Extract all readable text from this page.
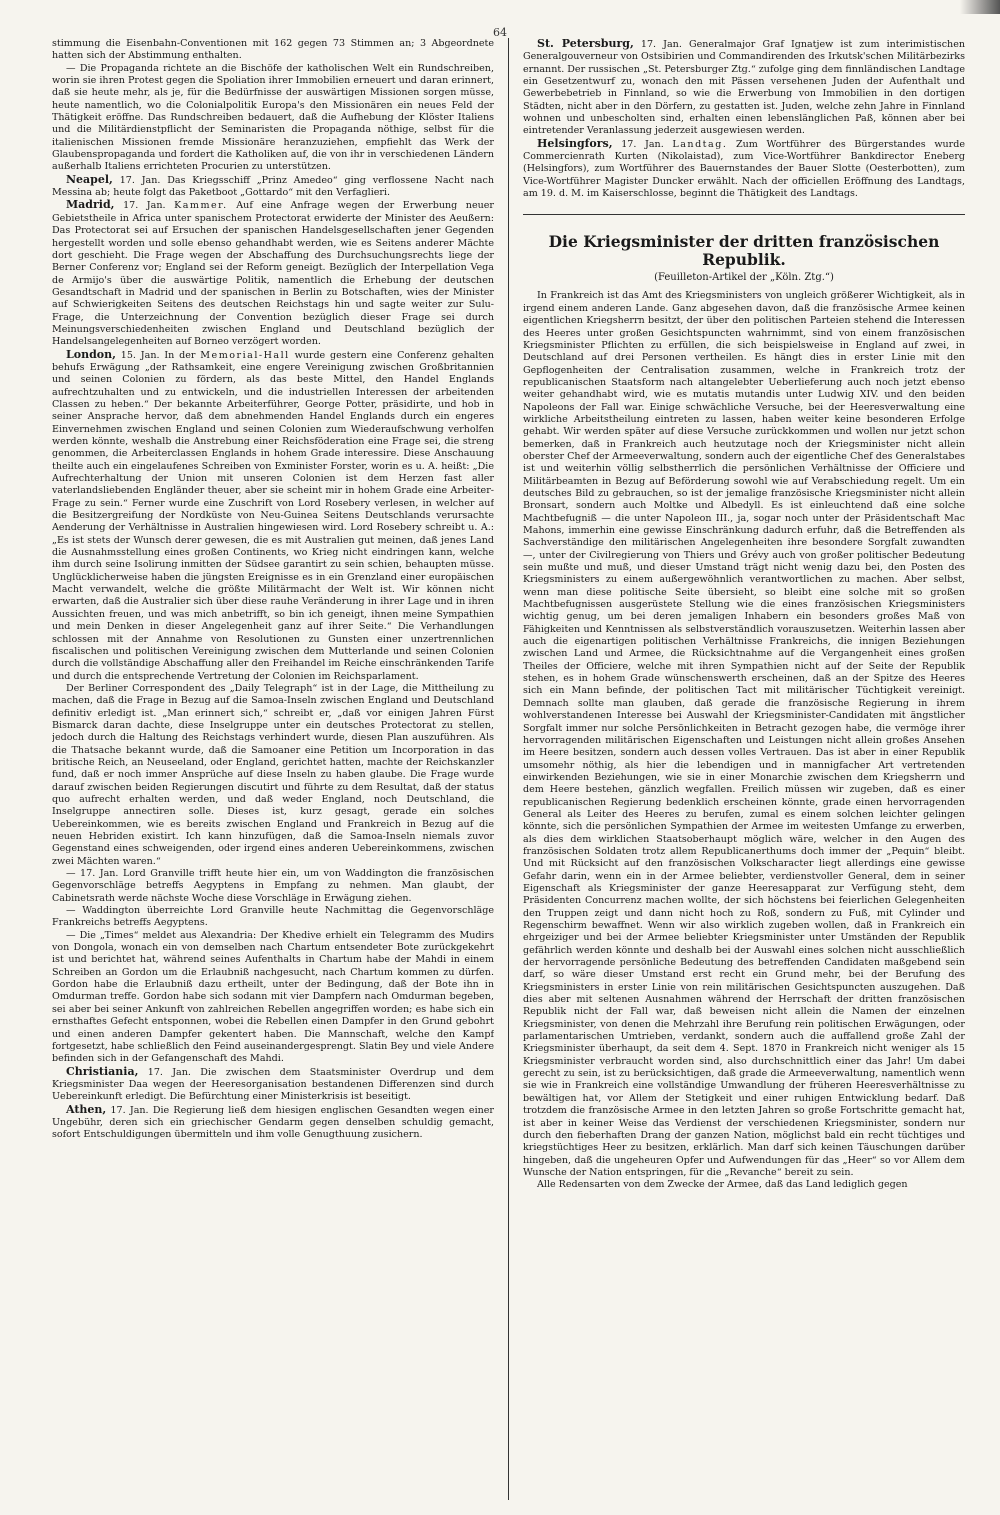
64

stimmung die Eisenbahn-Conventionen mit 162 gegen 73 Stimmen an; 3 Abgeordnete hatten sich der Abstimmung enthalten.

— Die Propaganda richtete an die Bischöfe der katholischen Welt ein Rundschreiben, worin sie ihren Protest gegen die Spoliation ihrer Immobilien erneuert und daran erinnert, daß sie heute mehr, als je, für die Bedürfnisse der auswärtigen Missionen sorgen müsse, heute namentlich, wo die Colonialpolitik Europa's den Missionären ein neues Feld der Thätigkeit eröffne. Das Rundschreiben bedauert, daß die Aufhebung der Klöster Italiens und die Militärdienstpflicht der Seminaristen die Propaganda nöthige, selbst für die italienischen Missionen fremde Missionäre heranzuziehen, empfiehlt das Werk der Glaubenspropaganda und fordert die Katholiken auf, die von ihr in verschiedenen Ländern außerhalb Italiens errichteten Procurien zu unterstützen.

Neapel, 17. Jan. Das Kriegsschiff „Prinz Amedeo“ ging verflossene Nacht nach Messina ab; heute folgt das Paketboot „Gottardo“ mit den Verfaglieri.

Madrid, 17. Jan. Kammer. Auf eine Anfrage wegen der Erwerbung neuer Gebietstheile in Africa unter spanischem Protectorat erwiderte der Minister des Aeußern: Das Protectorat sei auf Ersuchen der spanischen Handelsgesellschaften jener Gegenden hergestellt worden und solle ebenso gehandhabt werden, wie es Seitens anderer Mächte dort geschieht. Die Frage wegen der Abschaffung des Durchsuchungsrechts liege der Berner Conferenz vor; England sei der Reform geneigt. Bezüglich der Interpellation Vega de Armijo's über die auswärtige Politik, namentlich die Erhebung der deutschen Gesandtschaft in Madrid und der spanischen in Berlin zu Botschaften, wies der Minister auf Schwierigkeiten Seitens des deutschen Reichstags hin und sagte weiter zur Sulu-Frage, die Unterzeichnung der Convention bezüglich dieser Frage sei durch Meinungsverschiedenheiten zwischen England und Deutschland bezüglich der Handelsangelegenheiten auf Borneo verzögert worden.

London, 15. Jan. In der Memorial-Hall wurde gestern eine Conferenz gehalten behufs Erwägung „der Rathsamkeit, eine engere Vereinigung zwischen Großbritannien und seinen Colonien zu fördern, als das beste Mittel, den Handel Englands aufrechtzuhalten und zu entwickeln, und die industriellen Interessen der arbeitenden Classen zu heben.“ Der bekannte Arbeiterführer, George Potter, präsidirte, und hob in seiner Ansprache hervor, daß dem abnehmenden Handel Englands durch ein engeres Einvernehmen zwischen England und seinen Colonien zum Wiederaufschwung verholfen werden könnte, weshalb die Anstrebung einer Reichsföderation eine Frage sei, die streng genommen, die Arbeiterclassen Englands in hohem Grade interessire. Diese Anschauung theilte auch ein eingelaufenes Schreiben von Exminister Forster, worin es u. A. heißt: „Die Aufrechterhaltung der Union mit unseren Colonien ist dem Herzen fast aller vaterlandsliebenden Engländer theuer, aber sie scheint mir in hohem Grade eine Arbeiter-Frage zu sein.“ Ferner wurde eine Zuschrift von Lord Rosebery verlesen, in welcher auf die Besitzergreifung der Nordküste von Neu-Guinea Seitens Deutschlands verursachte Aenderung der Verhältnisse in Australien hingewiesen wird. Lord Rosebery schreibt u. A.: „Es ist stets der Wunsch derer gewesen, die es mit Australien gut meinen, daß jenes Land die Ausnahmsstellung eines großen Continents, wo Krieg nicht eindringen kann, welche ihm durch seine Isolirung inmitten der Südsee garantirt zu sein schien, behaupten müsse. Unglücklicherweise haben die jüngsten Ereignisse es in ein Grenzland einer europäischen Macht verwandelt, welche die größte Militärmacht der Welt ist. Wir können nicht erwarten, daß die Australier sich über diese rauhe Veränderung in ihrer Lage und in ihren Aussichten freuen, und was mich anbetrifft, so bin ich geneigt, ihnen meine Sympathien und mein Denken in dieser Angelegenheit ganz auf ihrer Seite.“ Die Verhandlungen schlossen mit der Annahme von Resolutionen zu Gunsten einer unzertrennlichen fiscalischen und politischen Vereinigung zwischen dem Mutterlande und seinen Colonien durch die vollständige Abschaffung aller den Freihandel im Reiche einschränkenden Tarife und durch die entsprechende Vertretung der Colonien im Reichsparlament.

Der Berliner Correspondent des „Daily Telegraph“ ist in der Lage, die Mittheilung zu machen, daß die Frage in Bezug auf die Samoa-Inseln zwischen England und Deutschland definitiv erledigt ist. „Man erinnert sich,“ schreibt er, „daß vor einigen Jahren Fürst Bismarck daran dachte, diese Inselgruppe unter ein deutsches Protectorat zu stellen, jedoch durch die Haltung des Reichstags verhindert wurde, diesen Plan auszuführen. Als die Thatsache bekannt wurde, daß die Samoaner eine Petition um Incorporation in das britische Reich, an Neuseeland, oder England, gerichtet hatten, machte der Reichskanzler fund, daß er noch immer Ansprüche auf diese Inseln zu haben glaube. Die Frage wurde darauf zwischen beiden Regierungen discutirt und führte zu dem Resultat, daß der status quo aufrecht erhalten werden, und daß weder England, noch Deutschland, die Inselgruppe annectiren solle. Dieses ist, kurz gesagt, gerade ein solches Uebereinkommen, wie es bereits zwischen England und Frankreich in Bezug auf die neuen Hebriden existirt. Ich kann hinzufügen, daß die Samoa-Inseln niemals zuvor Gegenstand eines schweigenden, oder irgend eines anderen Uebereinkommens, zwischen zwei Mächten waren.“

— 17. Jan. Lord Granville trifft heute hier ein, um von Waddington die französischen Gegenvorschläge betreffs Aegyptens in Empfang zu nehmen. Man glaubt, der Cabinetsrath werde nächste Woche diese Vorschläge in Erwägung ziehen.

— Waddington überreichte Lord Granville heute Nachmittag die Gegenvorschläge Frankreichs betreffs Aegyptens.

— Die „Times“ meldet aus Alexandria: Der Khedive erhielt ein Telegramm des Mudirs von Dongola, wonach ein von demselben nach Chartum entsendeter Bote zurückgekehrt ist und berichtet hat, während seines Aufenthalts in Chartum habe der Mahdi in einem Schreiben an Gordon um die Erlaubniß nachgesucht, nach Chartum kommen zu dürfen. Gordon habe die Erlaubniß dazu ertheilt, unter der Bedingung, daß der Bote ihn in Omdurman treffe. Gordon habe sich sodann mit vier Dampfern nach Omdurman begeben, sei aber bei seiner Ankunft von zahlreichen Rebellen angegriffen worden; es habe sich ein ernsthaftes Gefecht entsponnen, wobei die Rebellen einen Dampfer in den Grund gebohrt und einen anderen Dampfer gekentert haben. Die Mannschaft, welche den Kampf fortgesetzt, habe schließlich den Feind auseinandergesprengt. Slatin Bey und viele Andere befinden sich in der Gefangenschaft des Mahdi.

Christiania, 17. Jan. Die zwischen dem Staatsminister Overdrup und dem Kriegsminister Daa wegen der Heeresorganisation bestandenen Differenzen sind durch Uebereinkunft erledigt. Die Befürchtung einer Ministerkrisis ist beseitigt.

Athen, 17. Jan. Die Regierung ließ dem hiesigen englischen Gesandten wegen einer Ungebühr, deren sich ein griechischer Gendarm gegen denselben schuldig gemacht, sofort Entschuldigungen übermitteln und ihm volle Genugthuung zusichern.

St. Petersburg, 17. Jan. Generalmajor Graf Ignatjew ist zum interimistischen Generalgouverneur von Ostsibirien und Commandirenden des Irkutsk'schen Militärbezirks ernannt. Der russischen „St. Petersburger Ztg.“ zufolge ging dem finnländischen Landtage ein Gesetzentwurf zu, wonach den mit Pässen versehenen Juden der Aufenthalt und Gewerbebetrieb in Finnland, so wie die Erwerbung von Immobilien in den dortigen Städten, nicht aber in den Dörfern, zu gestatten ist. Juden, welche zehn Jahre in Finnland wohnen und unbescholten sind, erhalten einen lebenslänglichen Paß, können aber bei eintretender Veranlassung jederzeit ausgewiesen werden.

Helsingfors, 17. Jan. Landtag. Zum Wortführer des Bürgerstandes wurde Commercienrath Kurten (Nikolaistad), zum Vice-Wortführer Bankdirector Eneberg (Helsingfors), zum Wortführer des Bauernstandes der Bauer Slotte (Oesterbotten), zum Vice-Wortführer Magister Duncker erwählt. Nach der officiellen Eröffnung des Landtags, am 19. d. M. im Kaiserschlosse, beginnt die Thätigkeit des Landtags.

Die Kriegsminister der dritten französischen Republik.
(Feuilleton-Artikel der „Köln. Ztg.“)

In Frankreich ist das Amt des Kriegsministers von ungleich größerer Wichtigkeit, als in irgend einem anderen Lande. Ganz abgesehen davon, daß die französische Armee keinen eigentlichen Kriegsherrn besitzt, der über den politischen Parteien stehend die Interessen des Heeres unter großen Gesichtspuncten wahrnimmt, sind von einem französischen Kriegsminister Pflichten zu erfüllen, die sich beispielsweise in England auf zwei, in Deutschland auf drei Personen vertheilen. Es hängt dies in erster Linie mit den Gepflogenheiten der Centralisation zusammen, welche in Frankreich trotz der republicanischen Staatsform nach altangelebter Ueberlieferung auch noch jetzt ebenso weiter gehandhabt wird, wie es mutatis mutandis unter Ludwig XIV. und den beiden Napoleons der Fall war. Einige schwächliche Versuche, bei der Heeresverwaltung eine wirkliche Arbeitstheilung eintreten zu lassen, haben weiter keine besonderen Erfolge gehabt. Wir werden später auf diese Versuche zurückkommen und wollen nur jetzt schon bemerken, daß in Frankreich auch heutzutage noch der Kriegsminister nicht allein oberster Chef der Armeeverwaltung, sondern auch der eigentliche Chef des Generalstabes ist und weiterhin völlig selbstherrlich die persönlichen Verhältnisse der Officiere und Militärbeamten in Bezug auf Beförderung sowohl wie auf Verabschiedung regelt. Um ein deutsches Bild zu gebrauchen, so ist der jemalige französische Kriegsminister nicht allein Bronsart, sondern auch Moltke und Albedyll. Es ist einleuchtend daß eine solche Machtbefugniß — die unter Napoleon III., ja, sogar noch unter der Präsidentschaft Mac Mahons, immerhin eine gewisse Einschränkung dadurch erfuhr, daß die Betreffenden als Sachverständige den militärischen Angelegenheiten ihre besondere Sorgfalt zuwandten —, unter der Civilregierung von Thiers und Grévy auch von großer politischer Bedeutung sein mußte und muß, und dieser Umstand trägt nicht wenig dazu bei, den Posten des Kriegsministers zu einem außergewöhnlich verantwortlichen zu machen. Aber selbst, wenn man diese politische Seite übersieht, so bleibt eine solche mit so großen Machtbefugnissen ausgerüstete Stellung wie die eines französischen Kriegsministers wichtig genug, um bei deren jemaligen Inhabern ein besonders großes Maß von Fähigkeiten und Kenntnissen als selbstverständlich vorauszusetzen. Weiterhin lassen aber auch die eigenartigen politischen Verhältnisse Frankreichs, die innigen Beziehungen zwischen Land und Armee, die Rücksichtnahme auf die Vergangenheit eines großen Theiles der Officiere, welche mit ihren Sympathien nicht auf der Seite der Republik stehen, es in hohem Grade wünschenswerth erscheinen, daß an der Spitze des Heeres sich ein Mann befinde, der politischen Tact mit militärischer Tüchtigkeit vereinigt. Demnach sollte man glauben, daß gerade die französische Regierung in ihrem wohlverstandenen Interesse bei Auswahl der Kriegsminister-Candidaten mit ängstlicher Sorgfalt immer nur solche Persönlichkeiten in Betracht gezogen habe, die vermöge ihrer hervorragenden militärischen Eigenschaften und Leistungen nicht allein großes Ansehen im Heere besitzen, sondern auch dessen volles Vertrauen. Das ist aber in einer Republik umsomehr nöthig, als hier die lebendigen und in mannigfacher Art vertretenden einwirkenden Beziehungen, wie sie in einer Monarchie zwischen dem Kriegsherrn und dem Heere bestehen, gänzlich wegfallen. Freilich müssen wir zugeben, daß es einer republicanischen Regierung bedenklich erscheinen könnte, grade einen hervorragenden General als Leiter des Heeres zu berufen, zumal es einem solchen leichter gelingen könnte, sich die persönlichen Sympathien der Armee im weitesten Umfange zu erwerben, als dies dem wirklichen Staatsoberhaupt möglich wäre, welcher in den Augen des französischen Soldaten trotz allem Republicanerthums doch immer der „Pequin“ bleibt. Und mit Rücksicht auf den französischen Volkscharacter liegt allerdings eine gewisse Gefahr darin, wenn ein in der Armee beliebter, verdienstvoller General, dem in seiner Eigenschaft als Kriegsminister der ganze Heeresapparat zur Verfügung steht, dem Präsidenten Concurrenz machen wollte, der sich höchstens bei feierlichen Gelegenheiten den Truppen zeigt und dann nicht hoch zu Roß, sondern zu Fuß, mit Cylinder und Regenschirm bewaffnet. Wenn wir also wirklich zugeben wollen, daß in Frankreich ein ehrgeiziger und bei der Armee beliebter Kriegsminister unter Umständen der Republik gefährlich werden könnte und deshalb bei der Auswahl eines solchen nicht ausschließlich der hervorragende persönliche Bedeutung des betreffenden Candidaten maßgebend sein darf, so wäre dieser Umstand erst recht ein Grund mehr, bei der Berufung des Kriegsministers in erster Linie von rein militärischen Gesichtspuncten auszugehen. Daß dies aber mit seltenen Ausnahmen während der Herrschaft der dritten französischen Republik nicht der Fall war, daß beweisen nicht allein die Namen der einzelnen Kriegsminister, von denen die Mehrzahl ihre Berufung rein politischen Erwägungen, oder parlamentarischen Umtrieben, verdankt, sondern auch die auffallend große Zahl der Kriegsminister überhaupt, da seit dem 4. Sept. 1870 in Frankreich nicht weniger als 15 Kriegsminister verbraucht worden sind, also durchschnittlich einer das Jahr! Um dabei gerecht zu sein, ist zu berücksichtigen, daß grade die Armeeverwaltung, namentlich wenn sie wie in Frankreich eine vollständige Umwandlung der früheren Heeresverhältnisse zu bewältigen hat, vor Allem der Stetigkeit und einer ruhigen Entwicklung bedarf. Daß trotzdem die französische Armee in den letzten Jahren so große Fortschritte gemacht hat, ist aber in keiner Weise das Verdienst der verschiedenen Kriegsminister, sondern nur durch den fieberhaften Drang der ganzen Nation, möglichst bald ein recht tüchtiges und kriegstüchtiges Heer zu besitzen, erklärlich. Man darf sich keinen Täuschungen darüber hingeben, daß die ungeheuren Opfer und Aufwendungen für das „Heer“ so vor Allem dem Wunsche der Nation entspringen, für die „Revanche“ bereit zu sein.

Alle Redensarten von dem Zwecke der Armee, daß das Land lediglich gegen
